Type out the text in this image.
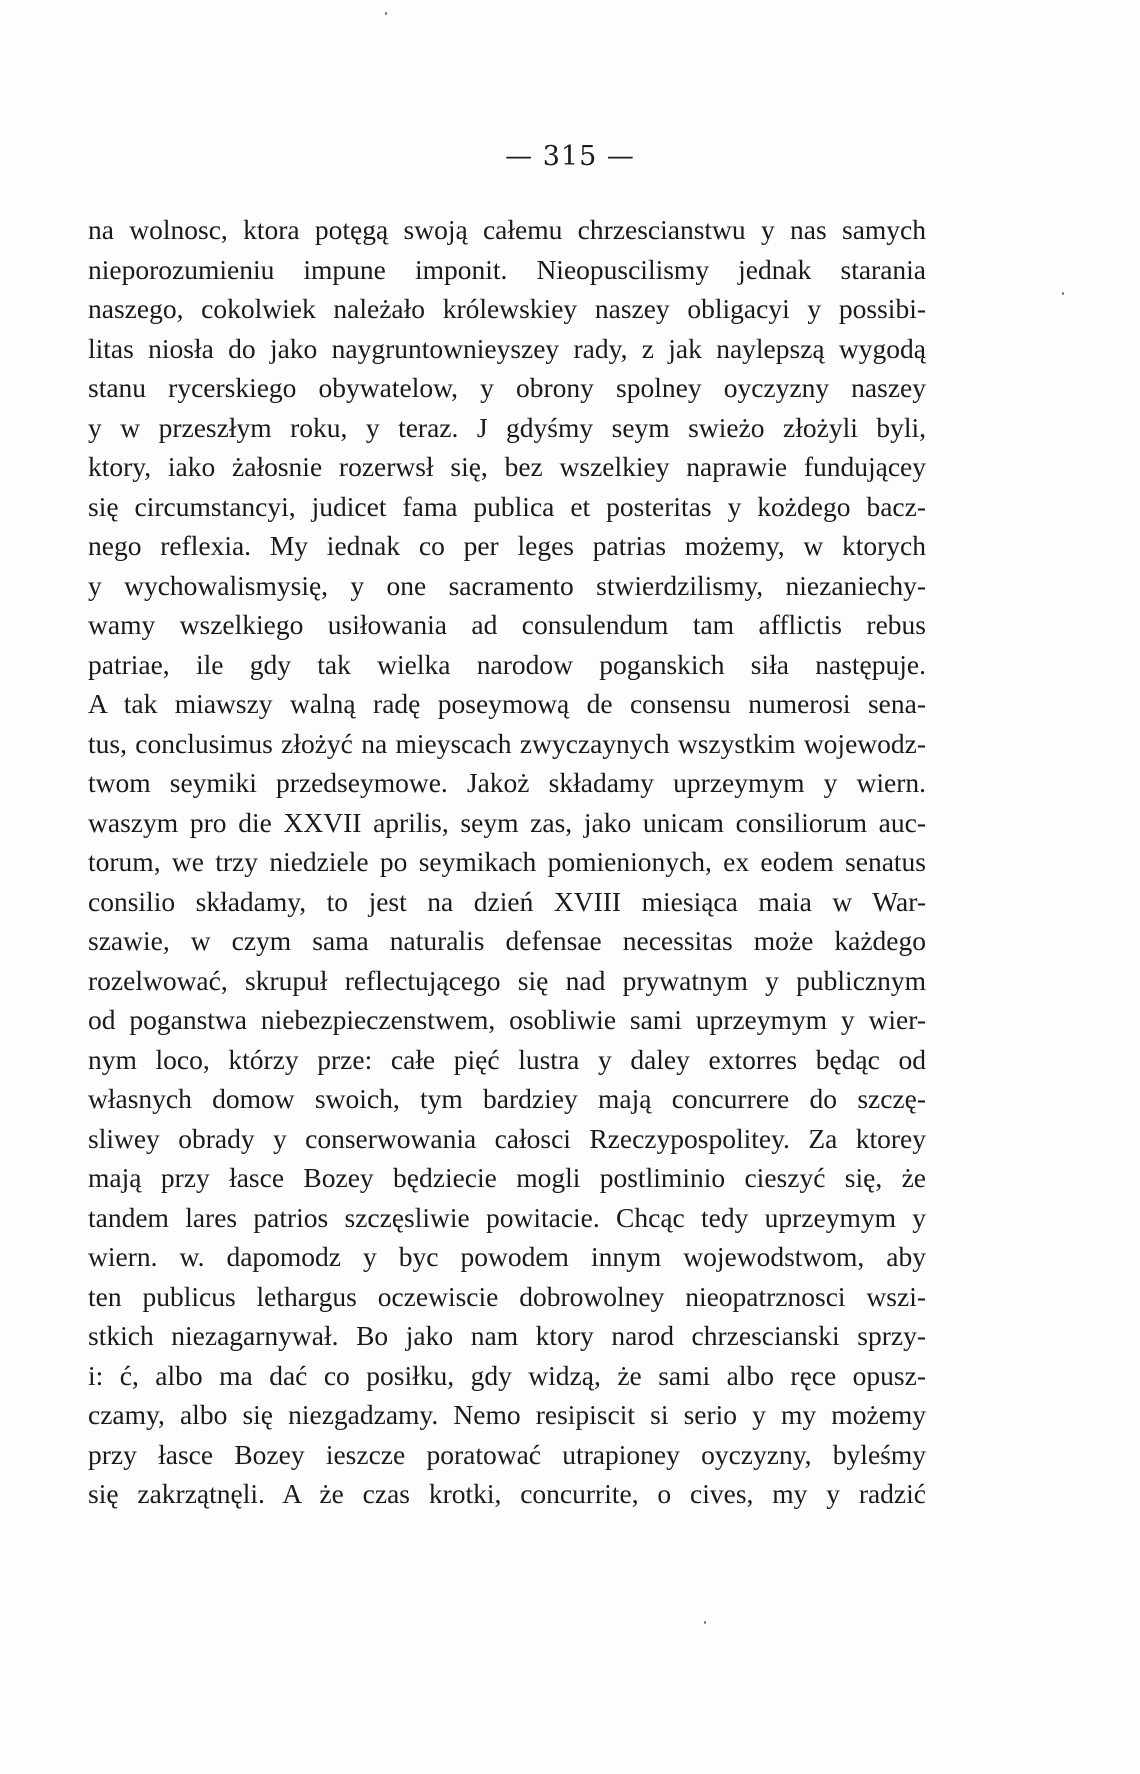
— 315 —
na wolnosc, ktora potęgą swoją całemu chrzescianstwu y nas samych
nieporozumieniu impune imponit. Nieopuscilismy jednak starania
naszego, cokolwiek należało królewskiey naszey obligacyi y possibi-
litas niosła do jako naygruntownieyszey rady, z jak naylepszą wygodą
stanu rycerskiego obywatelow, y obrony spolney oyczyzny naszey
y w przeszłym roku, y teraz. J gdyśmy seym swieżo złożyli byli,
ktory, iako żałosnie rozerwsł się, bez wszelkiey naprawie fundującey
się circumstancyi, judicet fama publica et posteritas y kożdego bacz-
nego reflexia. My iednak co per leges patrias możemy, w ktorych
y wychowalismysię, y one sacramento stwierdzilismy, niezaniechy-
wamy wszelkiego usiłowania ad consulendum tam afflictis rebus
patriae, ile gdy tak wielka narodow poganskich siła następuje.
A tak miawszy walną radę poseymową de consensu numerosi sena-
tus, conclusimus złożyć na mieyscach zwyczaynych wszystkim wojewodz-
twom seymiki przedseymowe. Jakoż składamy uprzeymym y wiern.
waszym pro die XXVII aprilis, seym zas, jako unicam consiliorum auc-
torum, we trzy niedziele po seymikach pomienionych, ex eodem senatus
consilio składamy, to jest na dzień XVIII miesiąca maia w War-
szawie, w czym sama naturalis defensae necessitas może każdego
rozelwować, skrupuł reflectującego się nad prywatnym y publicznym
od poganstwa niebezpieczenstwem, osobliwie sami uprzeymym y wier-
nym loco, którzy prze: całe pięć lustra y daley extorres będąc od
własnych domow swoich, tym bardziey mają concurrere do szczę-
sliwey obrady y conserwowania całosci Rzeczypospolitey. Za ktorey
mają przy łasce Bozey będziecie mogli postliminio cieszyć się, że
tandem lares patrios szczęsliwie powitacie. Chcąc tedy uprzeymym y
wiern. w. dapomodz y byc powodem innym wojewodstwom, aby
ten publicus lethargus oczewiscie dobrowolney nieopatrznosci wszi-
stkich niezagarnywał. Bo jako nam ktory narod chrzescianski sprzy-
i: ć, albo ma dać co posiłku, gdy widzą, że sami albo ręce opusz-
czamy, albo się niezgadzamy. Nemo resipiscit si serio y my możemy
przy łasce Bozey ieszcze poratować utrapioney oyczyzny, byleśmy
się zakrzątnęli. A że czas krotki, concurrite, o cives, my y radzić
